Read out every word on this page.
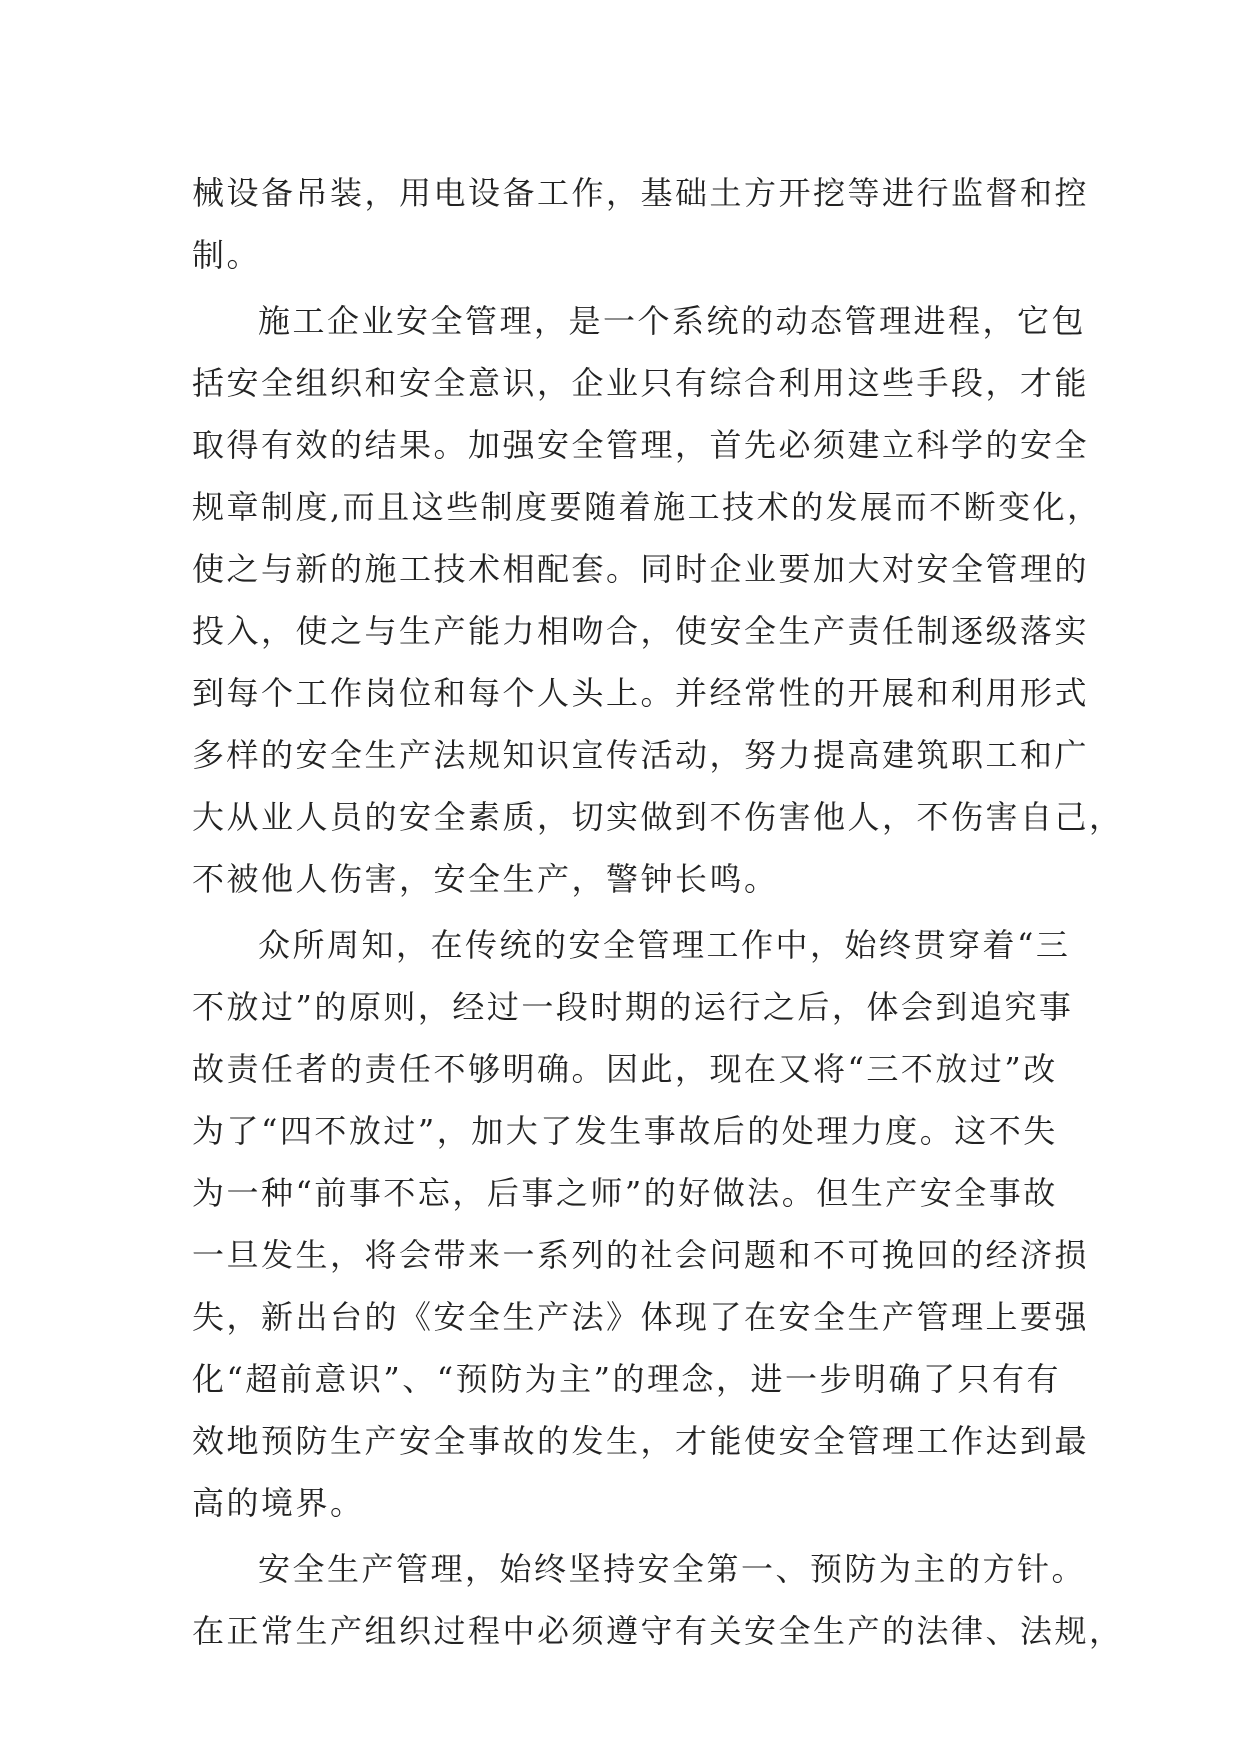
械设备吊装，用电设备工作，基础土方开挖等进行监督和控
制。
施工企业安全管理，是一个系统的动态管理进程，它包
括安全组织和安全意识，企业只有综合利用这些手段，才能
取得有效的结果。加强安全管理，首先必须建立科学的安全
规章制度,而且这些制度要随着施工技术的发展而不断变化，
使之与新的施工技术相配套。同时企业要加大对安全管理的
投入，使之与生产能力相吻合，使安全生产责任制逐级落实
到每个工作岗位和每个人头上。并经常性的开展和利用形式
多样的安全生产法规知识宣传活动，努力提高建筑职工和广
大从业人员的安全素质，切实做到不伤害他人，不伤害自己，
不被他人伤害，安全生产，警钟长鸣。
众所周知，在传统的安全管理工作中，始终贯穿着“三
不放过”的原则，经过一段时期的运行之后，体会到追究事
故责任者的责任不够明确。因此，现在又将“三不放过”改
为了“四不放过”，加大了发生事故后的处理力度。这不失
为一种“前事不忘，后事之师”的好做法。但生产安全事故
一旦发生，将会带来一系列的社会问题和不可挽回的经济损
失，新出台的《安全生产法》体现了在安全生产管理上要强
化“超前意识”、“预防为主”的理念，进一步明确了只有有
效地预防生产安全事故的发生，才能使安全管理工作达到最
高的境界。
安全生产管理，始终坚持安全第一、预防为主的方针。
在正常生产组织过程中必须遵守有关安全生产的法律、法规，
